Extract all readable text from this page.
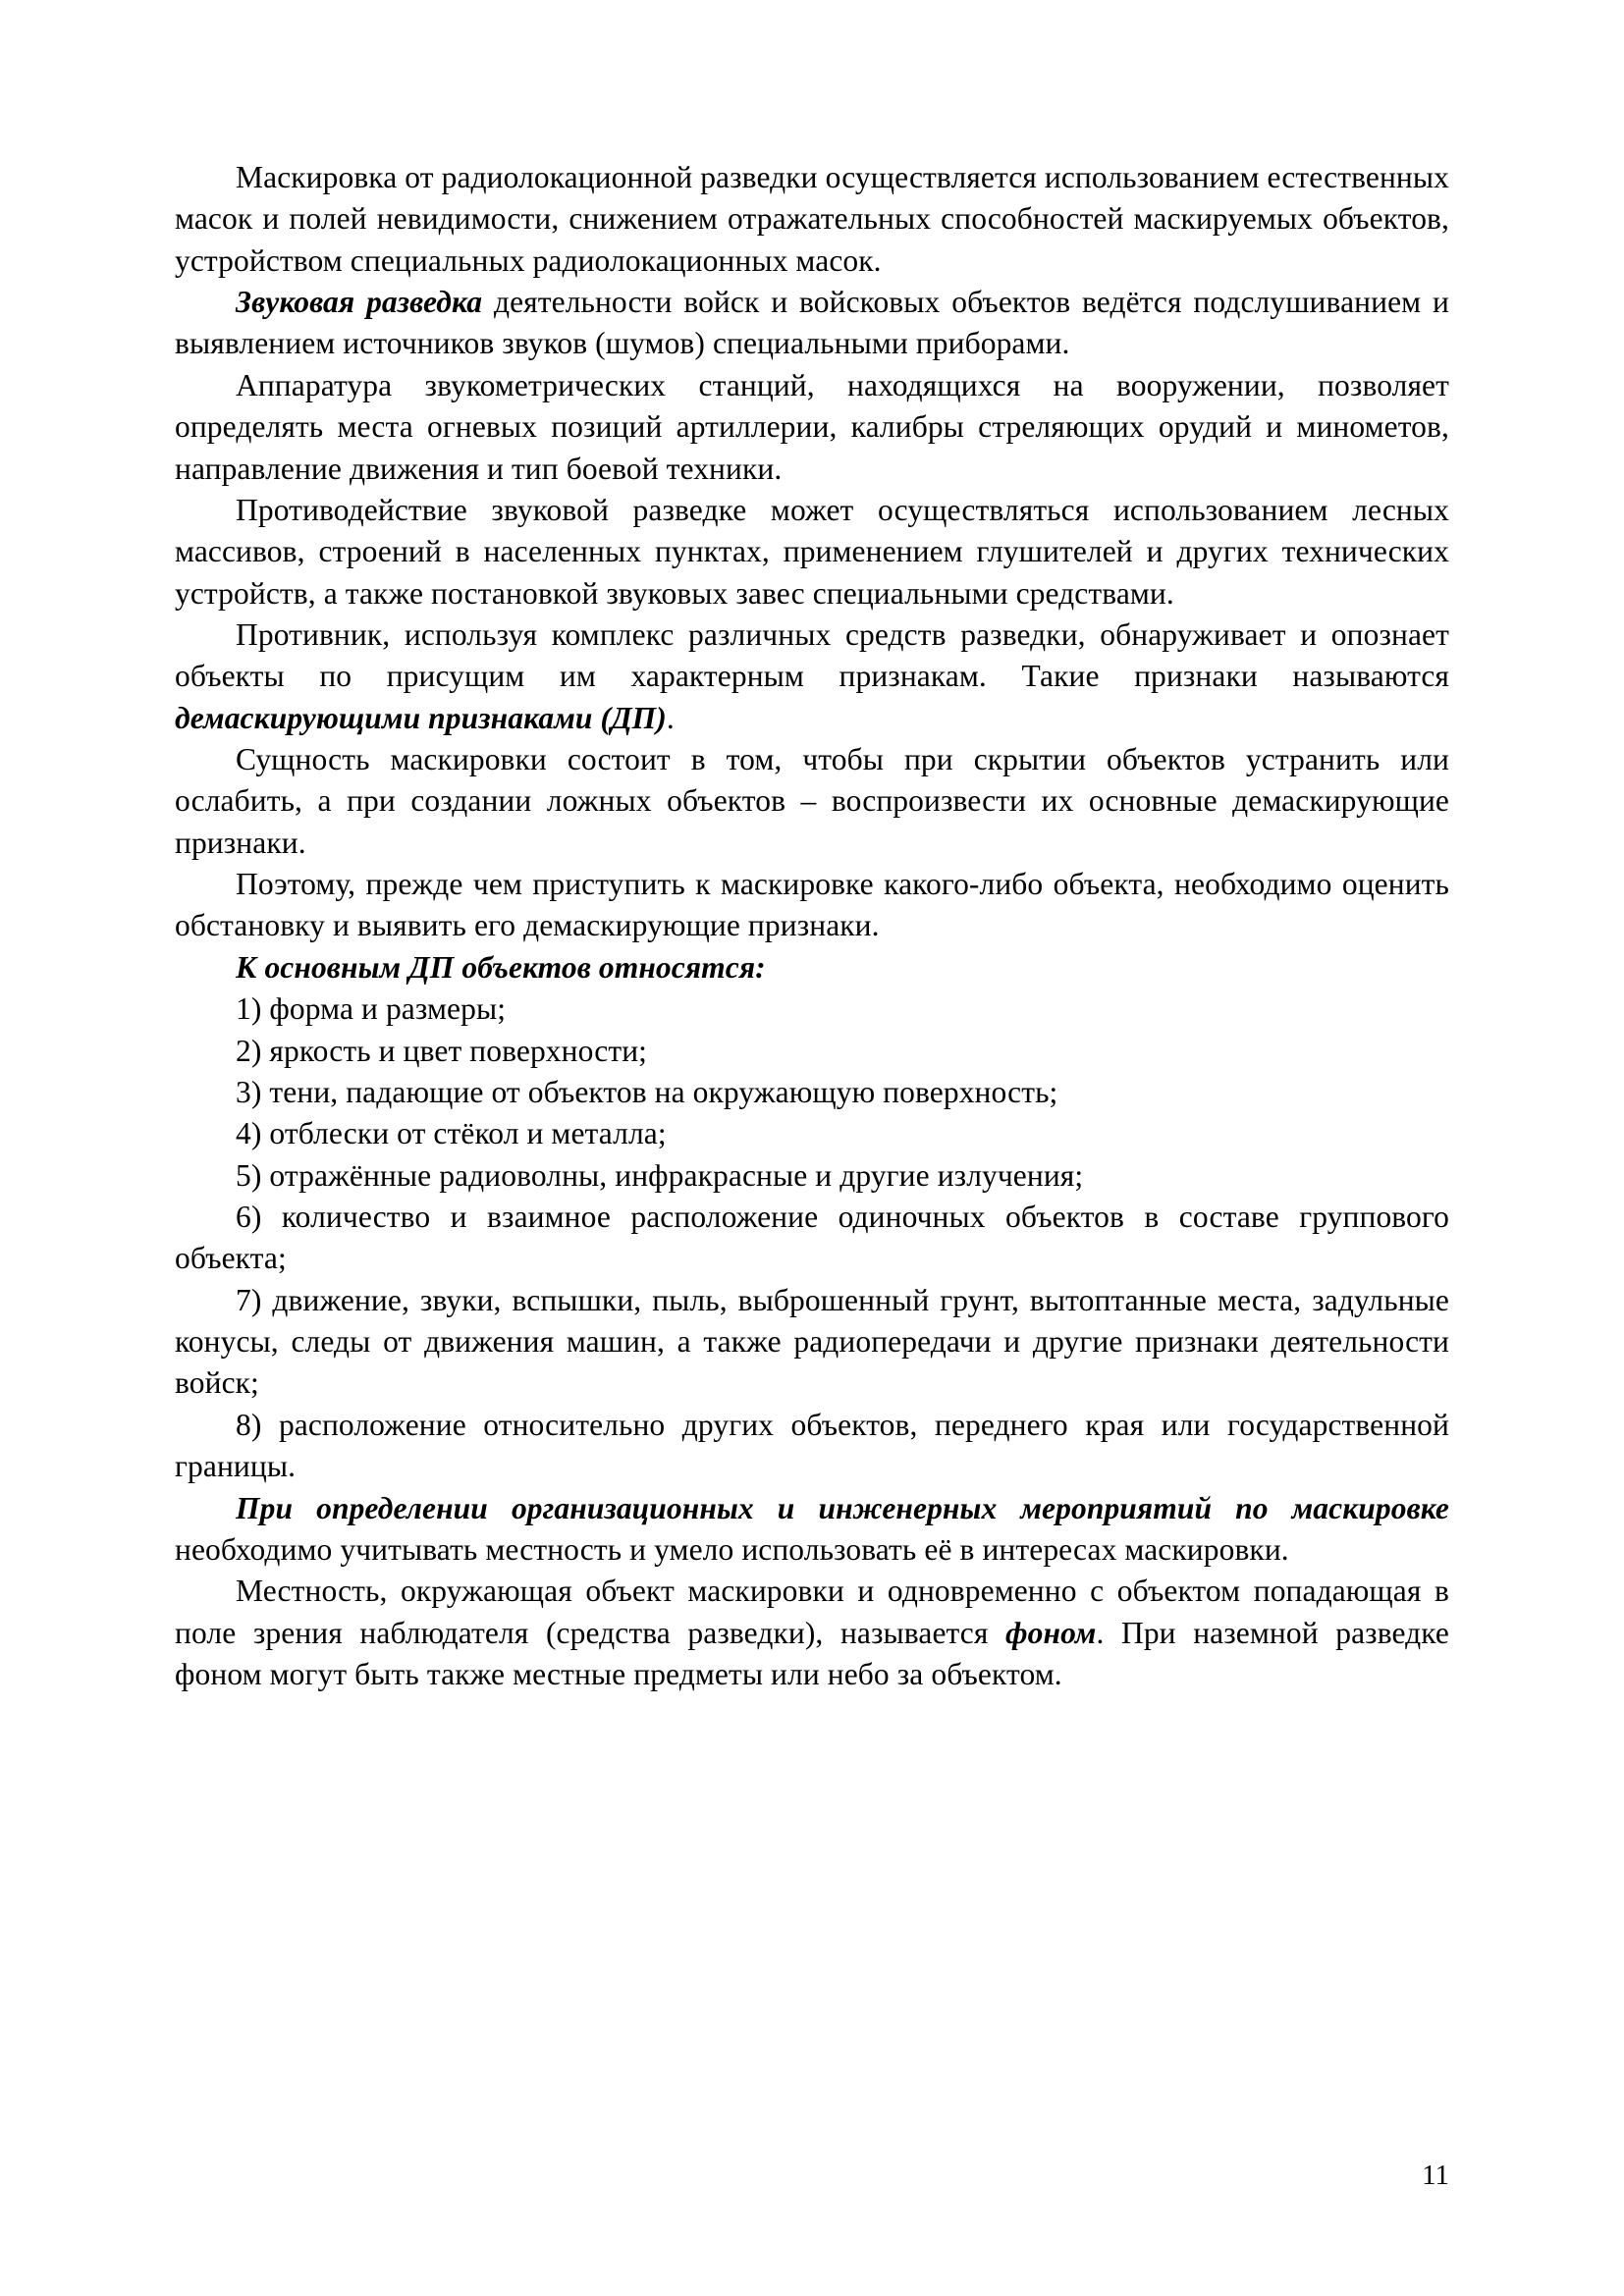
Маскировка от радиолокационной разведки осуществляется использованием естественных масок и полей невидимости, снижением отражательных способностей маскируемых объектов, устройством специальных радиолокационных масок.

Звуковая разведка деятельности войск и войсковых объектов ведётся подслушиванием и выявлением источников звуков (шумов) специальными приборами.

Аппаратура звукометрических станций, находящихся на вооружении, позволяет определять места огневых позиций артиллерии, калибры стреляющих орудий и минометов, направление движения и тип боевой техники.

Противодействие звуковой разведке может осуществляться использованием лесных массивов, строений в населенных пунктах, применением глушителей и других технических устройств, а также постановкой звуковых завес специальными средствами.

Противник, используя комплекс различных средств разведки, обнаруживает и опознает объекты по присущим им характерным признакам. Такие признаки называются демаскирующими признаками (ДП).

Сущность маскировки состоит в том, чтобы при скрытии объектов устранить или ослабить, а при создании ложных объектов – воспроизвести их основные демаскирующие признаки.

Поэтому, прежде чем приступить к маскировке какого-либо объекта, необходимо оценить обстановку и выявить его демаскирующие признаки.

К основным ДП объектов относятся:

1) форма и размеры;

2) яркость и цвет поверхности;

3) тени, падающие от объектов на окружающую поверхность;

4) отблески от стёкол и металла;

5) отражённые радиоволны, инфракрасные и другие излучения;

6) количество и взаимное расположение одиночных объектов в составе группового объекта;

7) движение, звуки, вспышки, пыль, выброшенный грунт, вытоптанные места, задульные конусы, следы от движения машин, а также радиопередачи и другие признаки деятельности войск;

8) расположение относительно других объектов, переднего края или государственной границы.

При определении организационных и инженерных мероприятий по маскировке необходимо учитывать местность и умело использовать её в интересах маскировки.

Местность, окружающая объект маскировки и одновременно с объектом попадающая в поле зрения наблюдателя (средства разведки), называется фоном. При наземной разведке фоном могут быть также местные предметы или небо за объектом.

11
